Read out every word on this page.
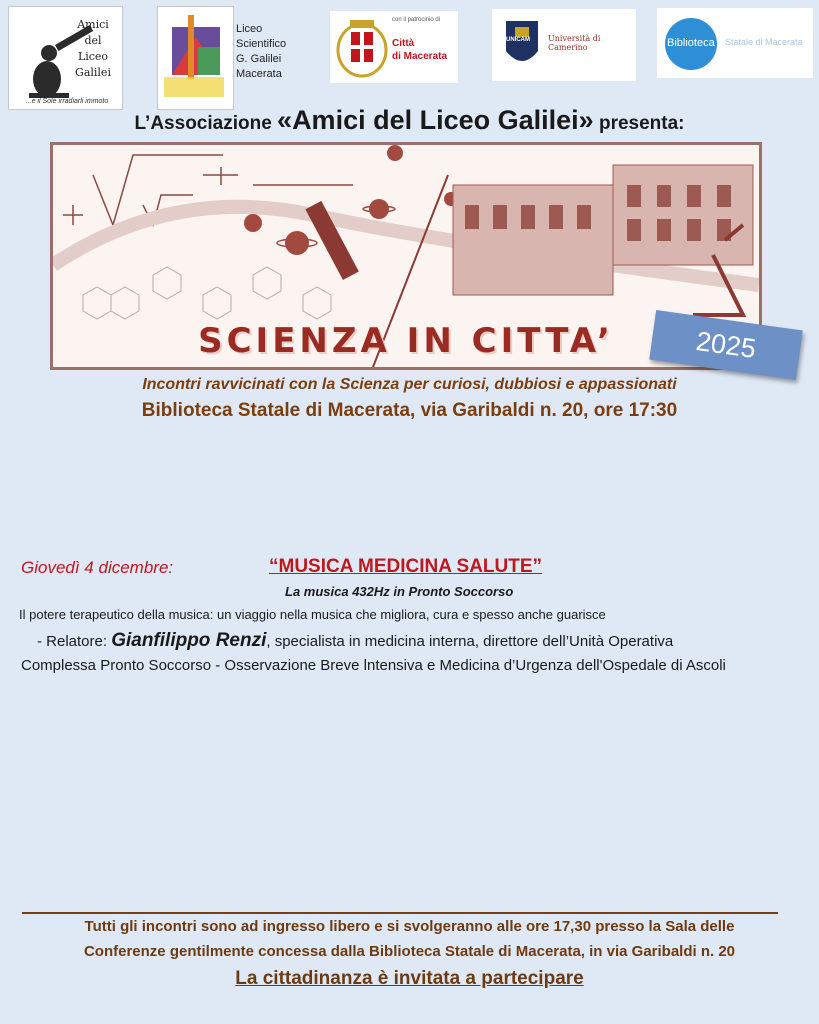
Amici
del
Liceo
Galilei
...e il Sole irradiarli immoto
Liceo
Scientifico
G. Galilei
Macerata
con il patrocinio di
Città
di Macerata
UNICAM Università di Camerino	Biblioteca Statale di Macerata
L’Associazione «Amici del Liceo Galilei» presenta:
SCIENZA IN CITTA’	2025
Incontri ravvicinati con la Scienza per curiosi, dubbiosi e appassionati
Biblioteca Statale di Macerata, via Garibaldi n. 20, ore 17:30
Giovedì 4 dicembre:	“MUSICA MEDICINA SALUTE”
La musica 432Hz in Pronto Soccorso
Il potere terapeutico della musica: un viaggio nella musica che migliora, cura e spesso anche guarisce
- Relatore: Gianfilippo Renzi, specialista in medicina interna, direttore dell’Unità Operativa
Complessa Pronto Soccorso - Osservazione Breve lntensiva e Medicina d’Urgenza dell'Ospedale di Ascoli
Tutti gli incontri sono ad ingresso libero e si svolgeranno alle ore 17,30 presso la Sala delle
Conferenze gentilmente concessa dalla Biblioteca Statale di Macerata, in via Garibaldi n. 20
La cittadinanza è invitata a partecipare
